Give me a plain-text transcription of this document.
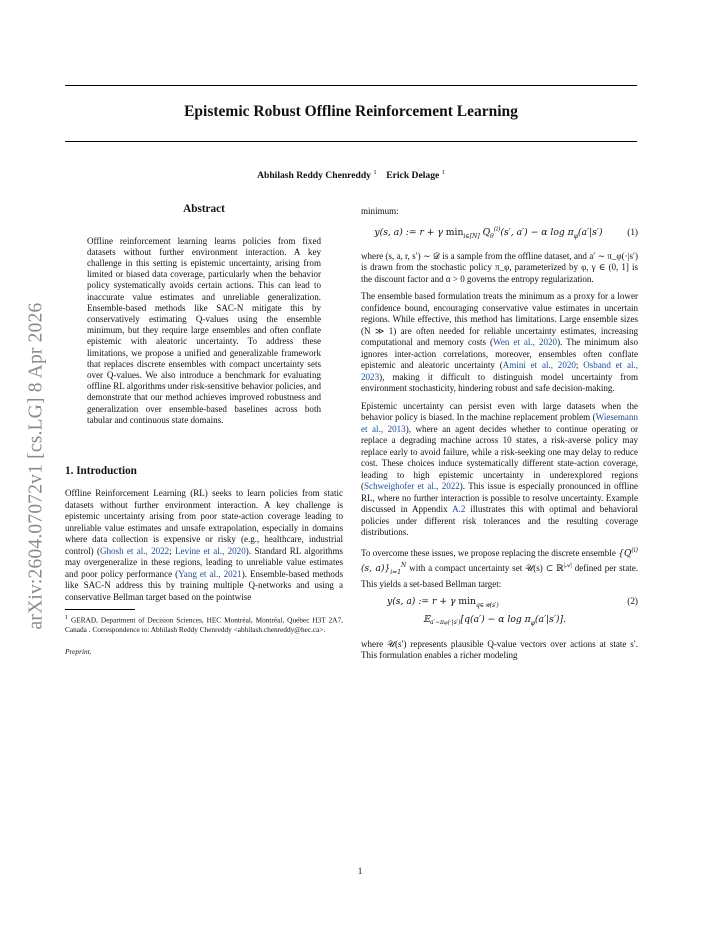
arXiv:2604.07072v1 [cs.LG] 8 Apr 2026
Epistemic Robust Offline Reinforcement Learning
Abhilash Reddy Chenreddy $^1$ Erick Delage $^1$
Abstract

Offline reinforcement learning learns policies from fixed datasets without further environment interaction. A key challenge in this setting is epistemic uncertainty, arising from limited or biased data coverage, particularly when the behavior policy systematically avoids certain actions. This can lead to inaccurate value estimates and unreliable generalization. Ensemble-based methods like SAC-N mitigate this by conservatively estimating Q-values using the ensemble minimum, but they require large ensembles and often conflate epistemic with aleatoric uncertainty. To address these limitations, we propose a unified and generalizable framework that replaces discrete ensembles with compact uncertainty sets over Q-values. We also introduce a benchmark for evaluating offline RL algorithms under risk-sensitive behavior policies, and demonstrate that our method achieves improved robustness and generalization over ensemble-based baselines across both tabular and continuous state domains.

1. Introduction

Offline Reinforcement Learning (RL) seeks to learn policies from static datasets without further environment interaction. A key challenge is epistemic uncertainty arising from poor state-action coverage leading to unreliable value estimates and unsafe extrapolation, especially in domains where data collection is expensive or risky (e.g., healthcare, industrial control) (Ghosh et al., 2022; Levine et al., 2020). Standard RL algorithms may overgeneralize in these regions, leading to unreliable value estimates and poor policy performance (Yang et al., 2021). Ensemble-based methods like SAC-N address this by training multiple Q-networks and using a conservative Bellman target based on the pointwise

$^1$ GERAD, Department of Decision Sciences, HEC Montréal, Montréal, Québec H3T 2A7, Canada . Correspondence to: Abhilash Reddy Chenreddy <abhilash.chenreddy@hec.ca>.

Preprint.

minimum:

y(s, a) := r + γ $\min_{i\in[N]} Q_\theta^{(i)}(s'$, a′) − α $\log \pi_\varphi(a'|s')$	(1)

where (s, a, r, s′) ∼ 𝒟 is a sample from the offline dataset, and a′ ∼ π_φ(·|s′) is drawn from the stochastic policy π_φ, parameterized by φ, γ ∈ (0, 1] is the discount factor and α > 0 governs the entropy regularization.

The ensemble based formulation treats the minimum as a proxy for a lower confidence bound, encouraging conservative value estimates in uncertain regions. While effective, this method has limitations. Large ensemble sizes (N ≫ 1) are often needed for reliable uncertainty estimates, increasing computational and memory costs (Wen et al., 2020). The minimum also ignores inter-action correlations, moreover, ensembles often conflate epistemic and aleatoric uncertainty (Amini et al., 2020; Osband et al., 2023), making it difficult to distinguish model uncertainty from environment stochasticity, hindering robust and safe decision-making.

Epistemic uncertainty can persist even with large datasets when the behavior policy is biased. In the machine replacement problem (Wiesemann et al., 2013), where an agent decides whether to continue operating or replace a degrading machine across 10 states, a risk-averse policy may replace early to avoid failure, while a risk-seeking one may delay to reduce cost. These choices induce systematically different state-action coverage, leading to high epistemic uncertainty in underexplored regions (Schweighofer et al., 2022). This issue is especially pronounced in offline RL, where no further interaction is possible to resolve uncertainty. Example discussed in Appendix A.2 illustrates this with optimal and behavioral policies under different risk tolerances and the resulting coverage distributions.

To overcome these issues, we propose replacing the discrete ensemble {$Q^{(i)}(s$, $a)\}_{i=1}^N$ with a compact uncertainty set 𝒰(s) ⊂ ℝ$^{|𝒜|}$ defined per state. This yields a set-based Bellman target:

y(s, a) := r + γ $\min_{q\in 𝒰(s')}$	(2)
𝔼$_{a'\sim\pi\varphi(\cdot|s')}$[q(a′) − α $\log \pi_\varphi(a'|s')$].

where 𝒰(s′) represents plausible Q-value vectors over actions at state s′. This formulation enables a richer modeling

1
